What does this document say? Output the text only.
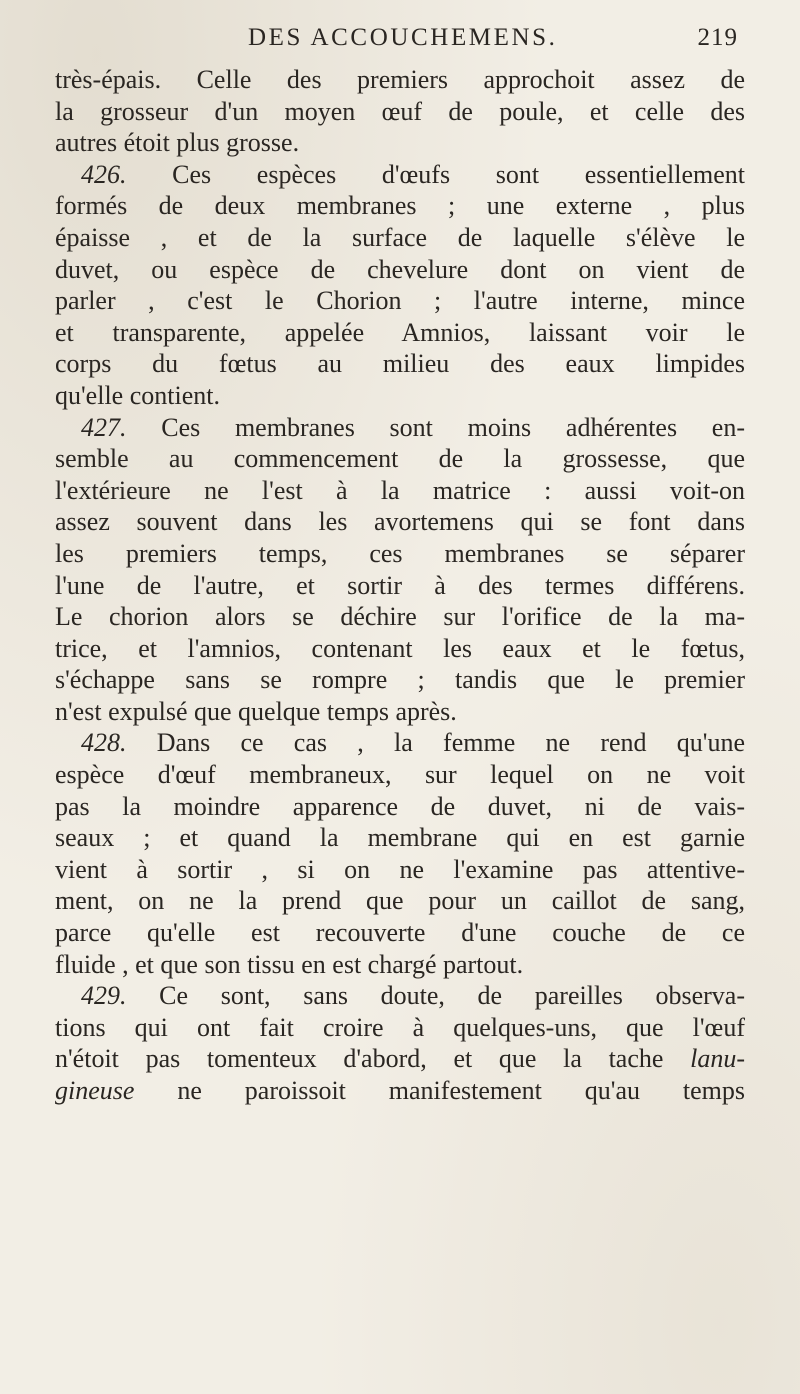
DES ACCOUCHEMENS.	219
très-épais. Celle des premiers approchoit assez de
la grosseur d'un moyen œuf de poule, et celle des
autres étoit plus grosse.
426. Ces espèces d'œufs sont essentiellement
formés de deux membranes ; une externe , plus
épaisse , et de la surface de laquelle s'élève le
duvet, ou espèce de chevelure dont on vient de
parler , c'est le Chorion ; l'autre interne, mince
et transparente, appelée Amnios, laissant voir le
corps du fœtus au milieu des eaux limpides
qu'elle contient.
427. Ces membranes sont moins adhérentes en-
semble au commencement de la grossesse, que
l'extérieure ne l'est à la matrice : aussi voit-on
assez souvent dans les avortemens qui se font dans
les premiers temps, ces membranes se séparer
l'une de l'autre, et sortir à des termes différens.
Le chorion alors se déchire sur l'orifice de la ma-
trice, et l'amnios, contenant les eaux et le fœtus,
s'échappe sans se rompre ; tandis que le premier
n'est expulsé que quelque temps après.
428. Dans ce cas , la femme ne rend qu'une
espèce d'œuf membraneux, sur lequel on ne voit
pas la moindre apparence de duvet, ni de vais-
seaux ; et quand la membrane qui en est garnie
vient à sortir , si on ne l'examine pas attentive-
ment, on ne la prend que pour un caillot de sang,
parce qu'elle est recouverte d'une couche de ce
fluide , et que son tissu en est chargé partout.
429. Ce sont, sans doute, de pareilles observa-
tions qui ont fait croire à quelques-uns, que l'œuf
n'étoit pas tomenteux d'abord, et que la tache lanu-
gineuse ne paroissoit manifestement qu'au temps
